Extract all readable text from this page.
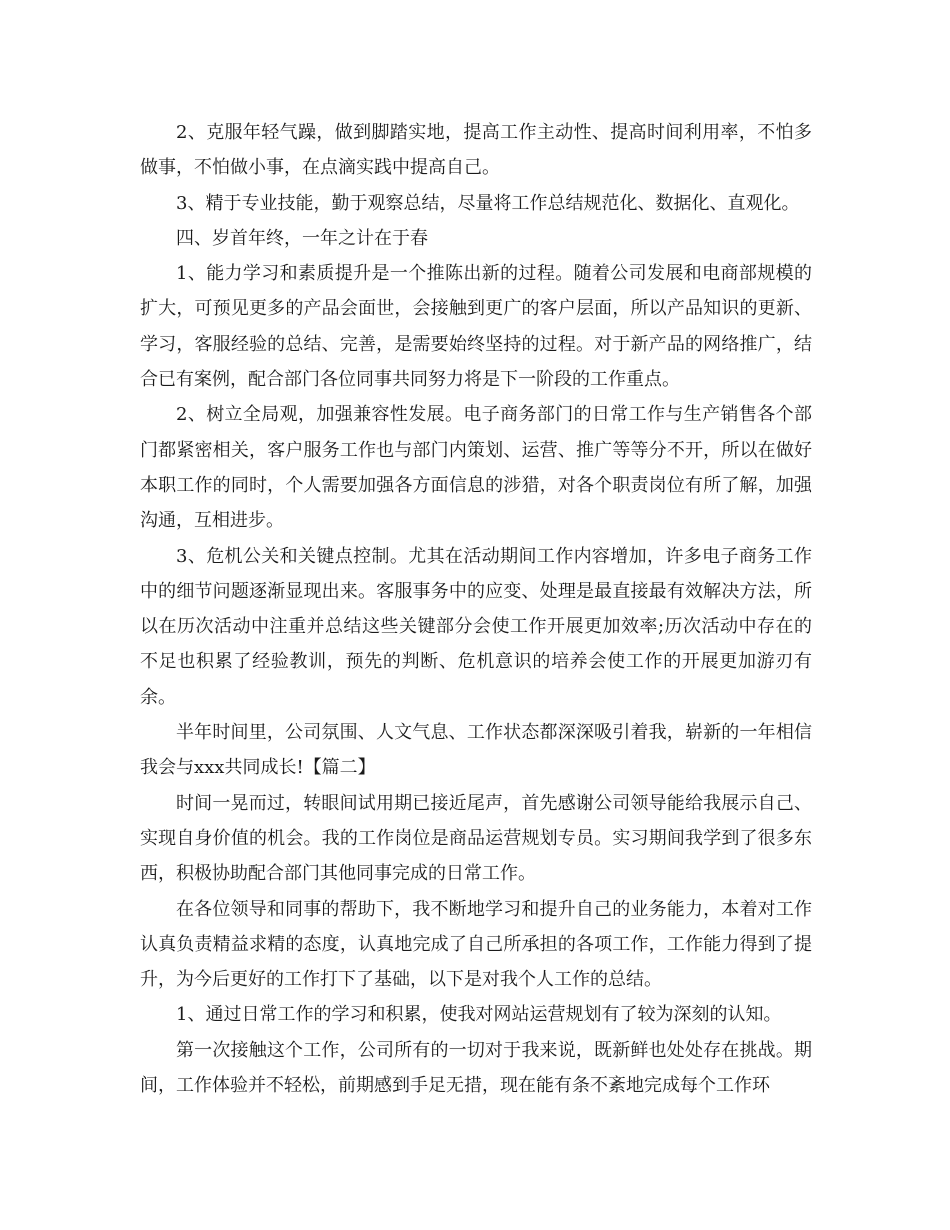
2、克服年轻气躁，做到脚踏实地，提高工作主动性、提高时间利用率，不怕多做事，不怕做小事，在点滴实践中提高自己。

3、精于专业技能，勤于观察总结，尽量将工作总结规范化、数据化、直观化。

四、岁首年终，一年之计在于春

1、能力学习和素质提升是一个推陈出新的过程。随着公司发展和电商部规模的扩大，可预见更多的产品会面世，会接触到更广的客户层面，所以产品知识的更新、学习，客服经验的总结、完善，是需要始终坚持的过程。对于新产品的网络推广，结合已有案例，配合部门各位同事共同努力将是下一阶段的工作重点。

2、树立全局观，加强兼容性发展。电子商务部门的日常工作与生产销售各个部门都紧密相关，客户服务工作也与部门内策划、运营、推广等等分不开，所以在做好本职工作的同时，个人需要加强各方面信息的涉猎，对各个职责岗位有所了解，加强沟通，互相进步。

3、危机公关和关键点控制。尤其在活动期间工作内容增加，许多电子商务工作中的细节问题逐渐显现出来。客服事务中的应变、处理是最直接最有效解决方法，所以在历次活动中注重并总结这些关键部分会使工作开展更加效率;历次活动中存在的不足也积累了经验教训，预先的判断、危机意识的培养会使工作的开展更加游刃有余。

半年时间里，公司氛围、人文气息、工作状态都深深吸引着我，崭新的一年相信我会与xxx共同成长!【篇二】

时间一晃而过，转眼间试用期已接近尾声，首先感谢公司领导能给我展示自己、实现自身价值的机会。我的工作岗位是商品运营规划专员。实习期间我学到了很多东西，积极协助配合部门其他同事完成的日常工作。

在各位领导和同事的帮助下，我不断地学习和提升自己的业务能力，本着对工作认真负责精益求精的态度，认真地完成了自己所承担的各项工作，工作能力得到了提升，为今后更好的工作打下了基础，以下是对我个人工作的总结。

1、通过日常工作的学习和积累，使我对网站运营规划有了较为深刻的认知。

第一次接触这个工作，公司所有的一切对于我来说，既新鲜也处处存在挑战。期间，工作体验并不轻松，前期感到手足无措，现在能有条不紊地完成每个工作环
